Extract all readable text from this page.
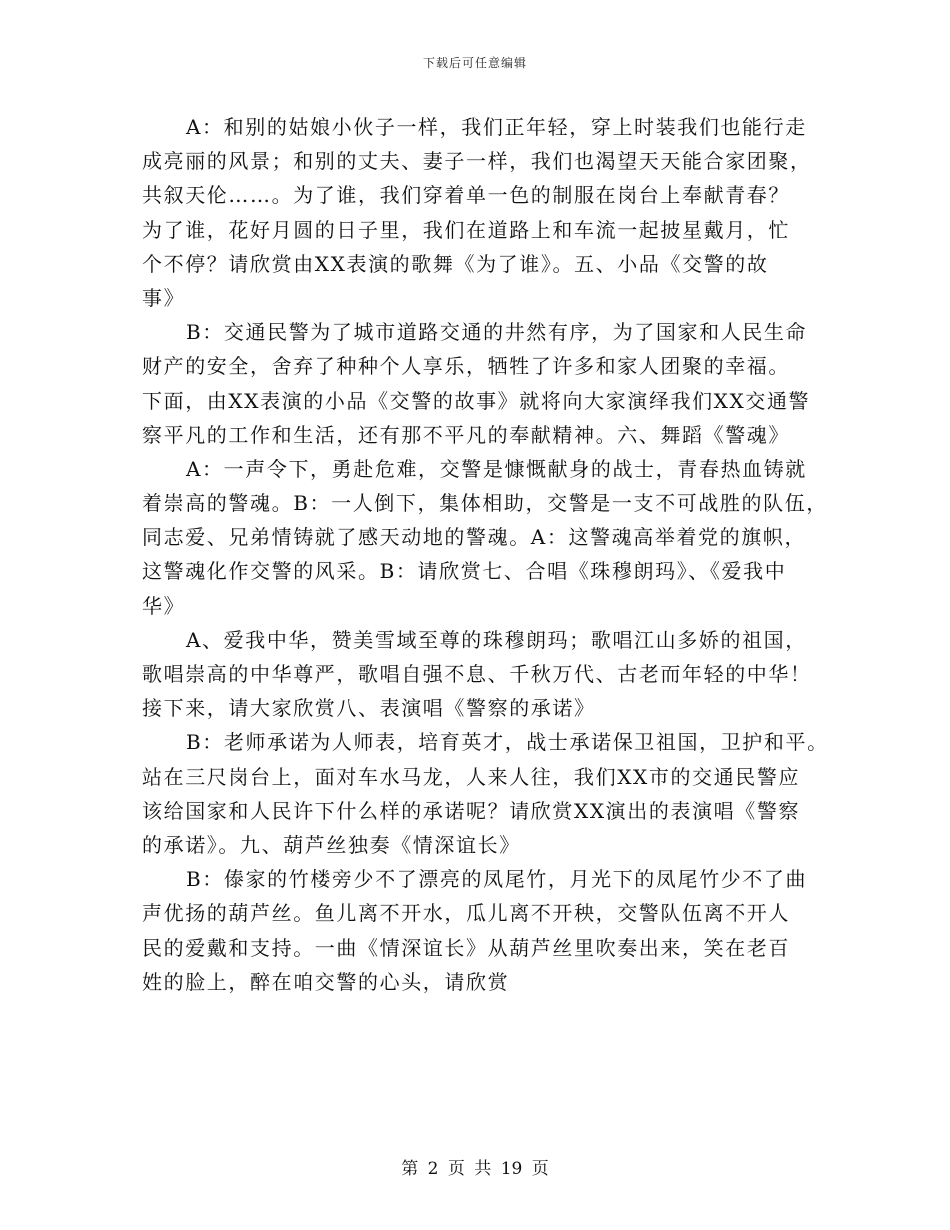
下载后可任意编辑
A：和别的姑娘小伙子一样，我们正年轻，穿上时装我们也能行走
成亮丽的风景；和别的丈夫、妻子一样，我们也渴望天天能合家团聚，
共叙天伦……。为了谁，我们穿着单一色的制服在岗台上奉献青春？
为了谁，花好月圆的日子里，我们在道路上和车流一起披星戴月，忙
个不停？请欣赏由XX表演的歌舞《为了谁》。五、小品《交警的故
事》
B：交通民警为了城市道路交通的井然有序，为了国家和人民生命
财产的安全，舍弃了种种个人享乐，牺牲了许多和家人团聚的幸福。
下面，由XX表演的小品《交警的故事》就将向大家演绎我们XX交通警
察平凡的工作和生活，还有那不平凡的奉献精神。六、舞蹈《警魂》
A：一声令下，勇赴危难，交警是慷慨献身的战士，青春热血铸就
着崇高的警魂。B：一人倒下，集体相助，交警是一支不可战胜的队伍，
同志爱、兄弟情铸就了感天动地的警魂。A：这警魂高举着党的旗帜，
这警魂化作交警的风采。B：请欣赏七、合唱《珠穆朗玛》、《爱我中
华》
A、爱我中华，赞美雪域至尊的珠穆朗玛；歌唱江山多娇的祖国，
歌唱崇高的中华尊严，歌唱自强不息、千秋万代、古老而年轻的中华！
接下来，请大家欣赏八、表演唱《警察的承诺》
B：老师承诺为人师表，培育英才，战士承诺保卫祖国，卫护和平。
站在三尺岗台上，面对车水马龙，人来人往，我们XX市的交通民警应
该给国家和人民许下什么样的承诺呢？请欣赏XX演出的表演唱《警察
的承诺》。九、葫芦丝独奏《情深谊长》
B：傣家的竹楼旁少不了漂亮的凤尾竹，月光下的凤尾竹少不了曲
声优扬的葫芦丝。鱼儿离不开水，瓜儿离不开秧，交警队伍离不开人
民的爱戴和支持。一曲《情深谊长》从葫芦丝里吹奏出来，笑在老百
姓的脸上，醉在咱交警的心头，请欣赏
第 2 页 共 19 页
